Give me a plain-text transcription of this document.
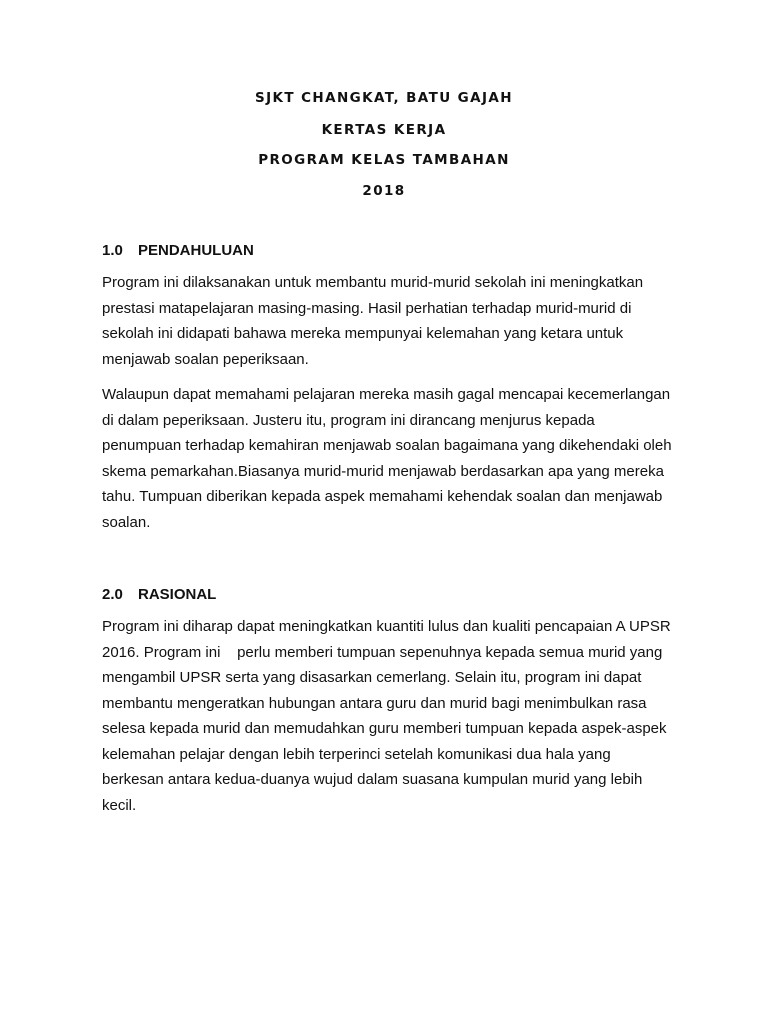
SJKT CHANGKAT, BATU GAJAH
KERTAS KERJA
PROGRAM KELAS TAMBAHAN
2018
1.0 PENDAHULUAN
Program ini dilaksanakan untuk membantu murid-murid sekolah ini meningkatkan
prestasi matapelajaran masing-masing. Hasil perhatian terhadap murid-murid di
sekolah ini didapati bahawa mereka mempunyai kelemahan yang ketara untuk
menjawab soalan peperiksaan.
Walaupun dapat memahami pelajaran mereka masih gagal mencapai kecemerlangan
di dalam peperiksaan. Justeru itu, program ini dirancang menjurus kepada
penumpuan terhadap kemahiran menjawab soalan bagaimana yang dikehendaki oleh
skema pemarkahan.Biasanya murid-murid menjawab berdasarkan apa yang mereka
tahu. Tumpuan diberikan kepada aspek memahami kehendak soalan dan menjawab
soalan.
2.0 RASIONAL
Program ini diharap dapat meningkatkan kuantiti lulus dan kualiti pencapaian A UPSR
2016. Program ini    perlu memberi tumpuan sepenuhnya kepada semua murid yang
mengambil UPSR serta yang disasarkan cemerlang. Selain itu, program ini dapat
membantu mengeratkan hubungan antara guru dan murid bagi menimbulkan rasa
selesa kepada murid dan memudahkan guru memberi tumpuan kepada aspek-aspek
kelemahan pelajar dengan lebih terperinci setelah komunikasi dua hala yang
berkesan antara kedua-duanya wujud dalam suasana kumpulan murid yang lebih
kecil.
